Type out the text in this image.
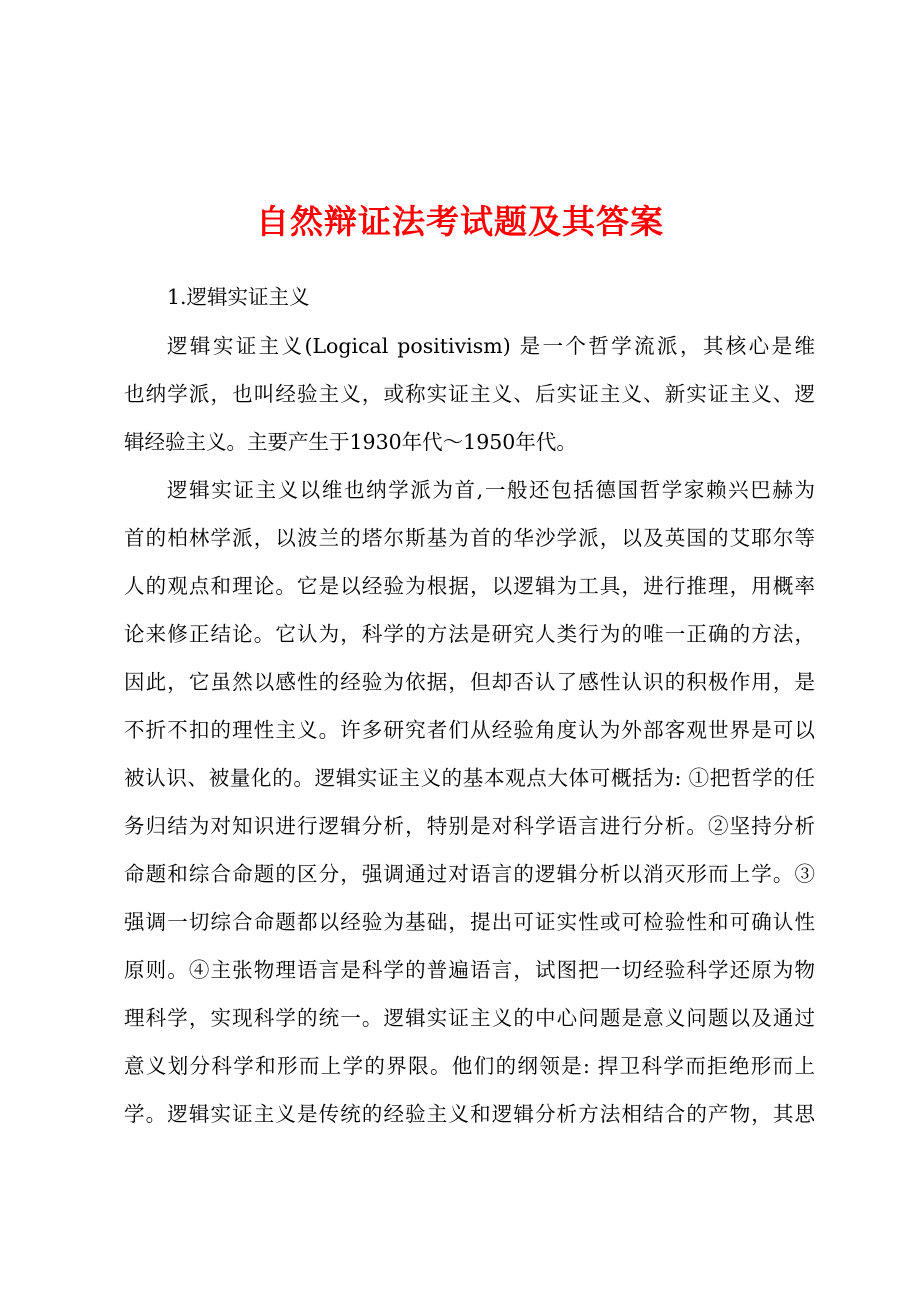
自然辩证法考试题及其答案
1.逻辑实证主义
逻辑实证主义(Logical positivism) 是一个哲学流派，其核心是维
也纳学派，也叫经验主义，或称实证主义、后实证主义、新实证主义、逻
辑经验主义。主要产生于1930年代～1950年代。
逻辑实证主义以维也纳学派为首,一般还包括德国哲学家赖兴巴赫为
首的柏林学派，以波兰的塔尔斯基为首的华沙学派，以及英国的艾耶尔等
人的观点和理论。它是以经验为根据，以逻辑为工具，进行推理，用概率
论来修正结论。它认为，科学的方法是研究人类行为的唯一正确的方法，
因此，它虽然以感性的经验为依据，但却否认了感性认识的积极作用，是
不折不扣的理性主义。许多研究者们从经验角度认为外部客观世界是可以
被认识、被量化的。逻辑实证主义的基本观点大体可概括为: ①把哲学的任
务归结为对知识进行逻辑分析，特别是对科学语言进行分析。②坚持分析
命题和综合命题的区分，强调通过对语言的逻辑分析以消灭形而上学。③
强调一切综合命题都以经验为基础，提出可证实性或可检验性和可确认性
原则。④主张物理语言是科学的普遍语言，试图把一切经验科学还原为物
理科学，实现科学的统一。逻辑实证主义的中心问题是意义问题以及通过
意义划分科学和形而上学的界限。他们的纲领是: 捍卫科学而拒绝形而上
学。逻辑实证主义是传统的经验主义和逻辑分析方法相结合的产物，其思
